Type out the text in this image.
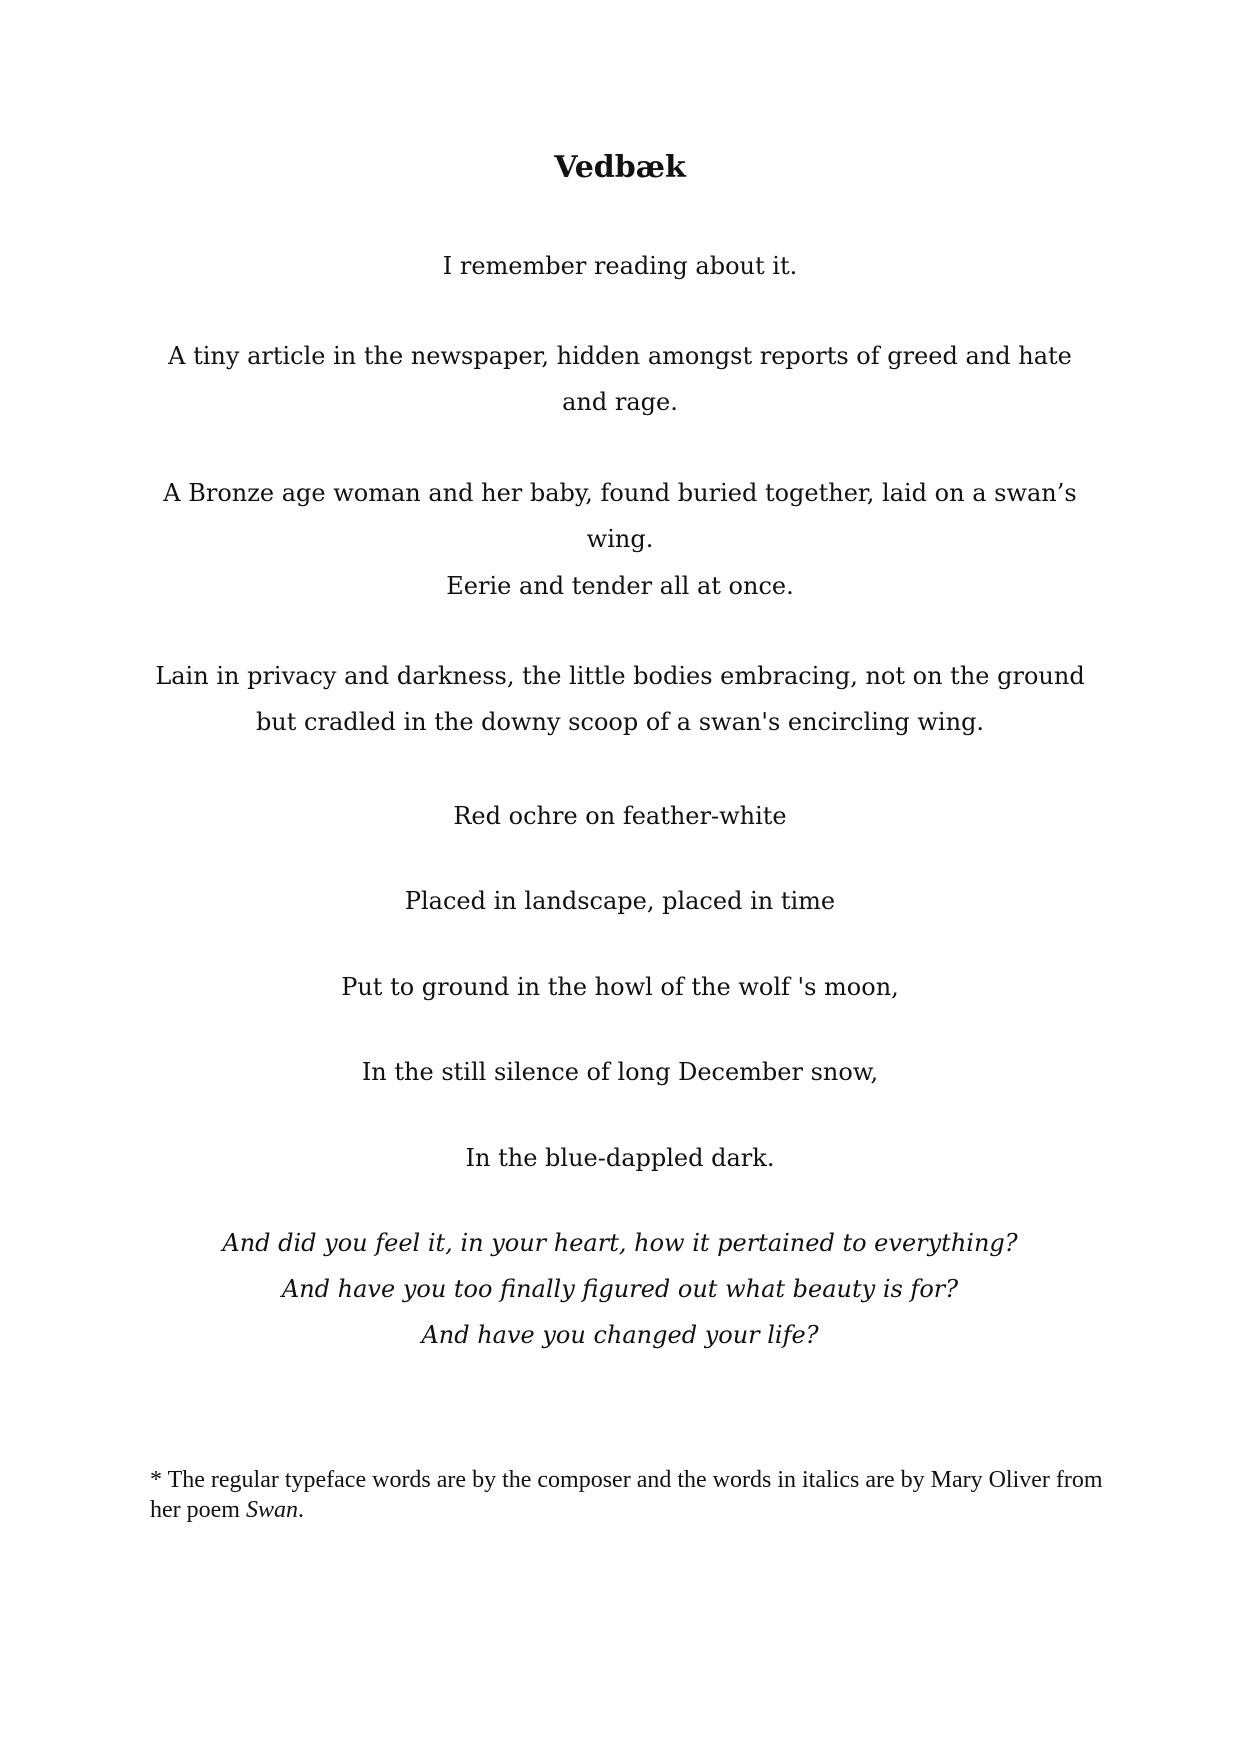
Vedbæk
I remember reading about it.
A tiny article in the newspaper, hidden amongst reports of greed and hate and rage.
A Bronze age woman and her baby, found buried together, laid on a swan’s wing.
Eerie and tender all at once.
Lain in privacy and darkness, the little bodies embracing, not on the ground but cradled in the downy scoop of a swan's encircling wing.
Red ochre on feather-white
Placed in landscape, placed in time
Put to ground in the howl of the wolf 's moon,
In the still silence of long December snow,
In the blue-dappled dark.
And did you feel it, in your heart, how it pertained to everything?
And have you too finally figured out what beauty is for?
And have you changed your life?
* The regular typeface words are by the composer and the words in italics are by Mary Oliver from her poem Swan.
